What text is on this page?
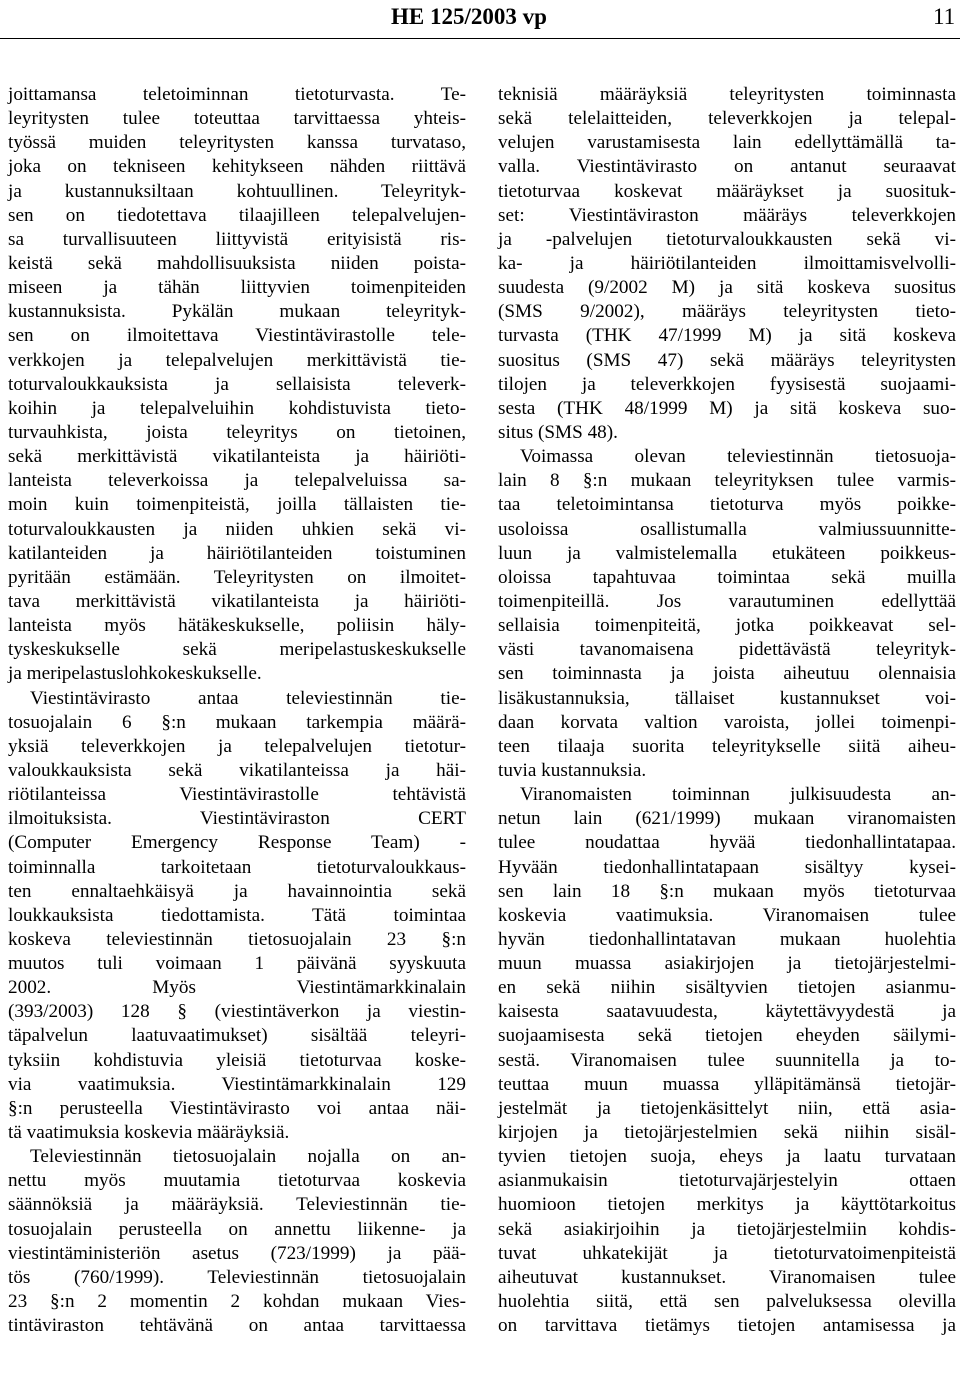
HE 125/2003 vp	11
joittamansa teletoiminnan tietoturvasta. Te-
leyritysten tulee toteuttaa tarvittaessa yhteis-
työssä muiden teleyritysten kanssa turvataso,
joka on tekniseen kehitykseen nähden riittävä
ja kustannuksiltaan kohtuullinen. Teleyrityk-
sen on tiedotettava tilaajilleen telepalvelujen-
sa turvallisuuteen liittyvistä erityisistä ris-
keistä sekä mahdollisuuksista niiden poista-
miseen ja tähän liittyvien toimenpiteiden
kustannuksista. Pykälän mukaan teleyrityk-
sen on ilmoitettava Viestintävirastolle tele-
verkkojen ja telepalvelujen merkittävistä tie-
toturvaloukkauksista ja sellaisista televerk-
koihin ja telepalveluihin kohdistuvista tieto-
turvauhkista, joista teleyritys on tietoinen,
sekä merkittävistä vikatilanteista ja häiriöti-
lanteista televerkoissa ja telepalveluissa sa-
moin kuin toimenpiteistä, joilla tällaisten tie-
toturvaloukkausten ja niiden uhkien sekä vi-
katilanteiden ja häiriötilanteiden toistuminen
pyritään estämään. Teleyritysten on ilmoitet-
tava merkittävistä vikatilanteista ja häiriöti-
lanteista myös hätäkeskukselle, poliisin häly-
tyskeskukselle sekä meripelastuskeskukselle
ja meripelastuslohkokeskukselle.
Viestintävirasto antaa televiestinnän tie-
tosuojalain 6 §:n mukaan tarkempia määrä-
yksiä televerkkojen ja telepalvelujen tietotur-
valoukkauksista sekä vikatilanteissa ja häi-
riötilanteissa Viestintävirastolle tehtävistä
ilmoituksista. Viestintäviraston CERT
(Computer Emergency Response Team) -
toiminnalla tarkoitetaan tietoturvaloukkaus-
ten ennaltaehkäisyä ja havainnointia sekä
loukkauksista tiedottamista. Tätä toimintaa
koskeva televiestinnän tietosuojalain 23 §:n
muutos tuli voimaan 1 päivänä syyskuuta
2002. Myös Viestintämarkkinalain
(393/2003) 128 § (viestintäverkon ja viestin-
täpalvelun laatuvaatimukset) sisältää teleyri-
tyksiin kohdistuvia yleisiä tietoturvaa koske-
via vaatimuksia. Viestintämarkkinalain 129
§:n perusteella Viestintävirasto voi antaa näi-
tä vaatimuksia koskevia määräyksiä.
Televiestinnän tietosuojalain nojalla on an-
nettu myös muutamia tietoturvaa koskevia
säännöksiä ja määräyksiä. Televiestinnän tie-
tosuojalain perusteella on annettu liikenne- ja
viestintäministeriön asetus (723/1999) ja pää-
tös (760/1999). Televiestinnän tietosuojalain
23 §:n 2 momentin 2 kohdan mukaan Vies-
tintäviraston tehtävänä on antaa tarvittaessa
teknisiä määräyksiä teleyritysten toiminnasta
sekä telelaitteiden, televerkkojen ja telepal-
velujen varustamisesta lain edellyttämällä ta-
valla. Viestintävirasto on antanut seuraavat
tietoturvaa koskevat määräykset ja suosituk-
set: Viestintäviraston määräys televerkkojen
ja -palvelujen tietoturvaloukkausten sekä vi-
ka- ja häiriötilanteiden ilmoittamisvelvolli-
suudesta (9/2002 M) ja sitä koskeva suositus
(SMS 9/2002), määräys teleyritysten tieto-
turvasta (THK 47/1999 M) ja sitä koskeva
suositus (SMS 47) sekä määräys teleyritysten
tilojen ja televerkkojen fyysisestä suojaami-
sesta (THK 48/1999 M) ja sitä koskeva suo-
situs (SMS 48).
Voimassa olevan televiestinnän tietosuoja-
lain 8 §:n mukaan teleyrityksen tulee varmis-
taa teletoimintansa tietoturva myös poikke-
usoloissa osallistumalla valmiussuunnitte-
luun ja valmistelemalla etukäteen poikkeus-
oloissa tapahtuvaa toimintaa sekä muilla
toimenpiteillä. Jos varautuminen edellyttää
sellaisia toimenpiteitä, jotka poikkeavat sel-
västi tavanomaisena pidettävästä teleyrityk-
sen toiminnasta ja joista aiheutuu olennaisia
lisäkustannuksia, tällaiset kustannukset voi-
daan korvata valtion varoista, jollei toimenpi-
teen tilaaja suorita teleyritykselle siitä aiheu-
tuvia kustannuksia.
Viranomaisten toiminnan julkisuudesta an-
netun lain (621/1999) mukaan viranomaisten
tulee noudattaa hyvää tiedonhallintatapaa.
Hyvään tiedonhallintatapaan sisältyy kysei-
sen lain 18 §:n mukaan myös tietoturvaa
koskevia vaatimuksia. Viranomaisen tulee
hyvän tiedonhallintatavan mukaan huolehtia
muun muassa asiakirjojen ja tietojärjestelmi-
en sekä niihin sisältyvien tietojen asianmu-
kaisesta saatavuudesta, käytettävyydestä ja
suojaamisesta sekä tietojen eheyden säilymi-
sestä. Viranomaisen tulee suunnitella ja to-
teuttaa muun muassa ylläpitämänsä tietojär-
jestelmät ja tietojenkäsittelyt niin, että asia-
kirjojen ja tietojärjestelmien sekä niihin sisäl-
tyvien tietojen suoja, eheys ja laatu turvataan
asianmukaisin tietoturvajärjestelyin ottaen
huomioon tietojen merkitys ja käyttötarkoitus
sekä asiakirjoihin ja tietojärjestelmiin kohdis-
tuvat uhkatekijät ja tietoturvatoimenpiteistä
aiheutuvat kustannukset. Viranomaisen tulee
huolehtia siitä, että sen palveluksessa olevilla
on tarvittava tietämys tietojen antamisessa ja
